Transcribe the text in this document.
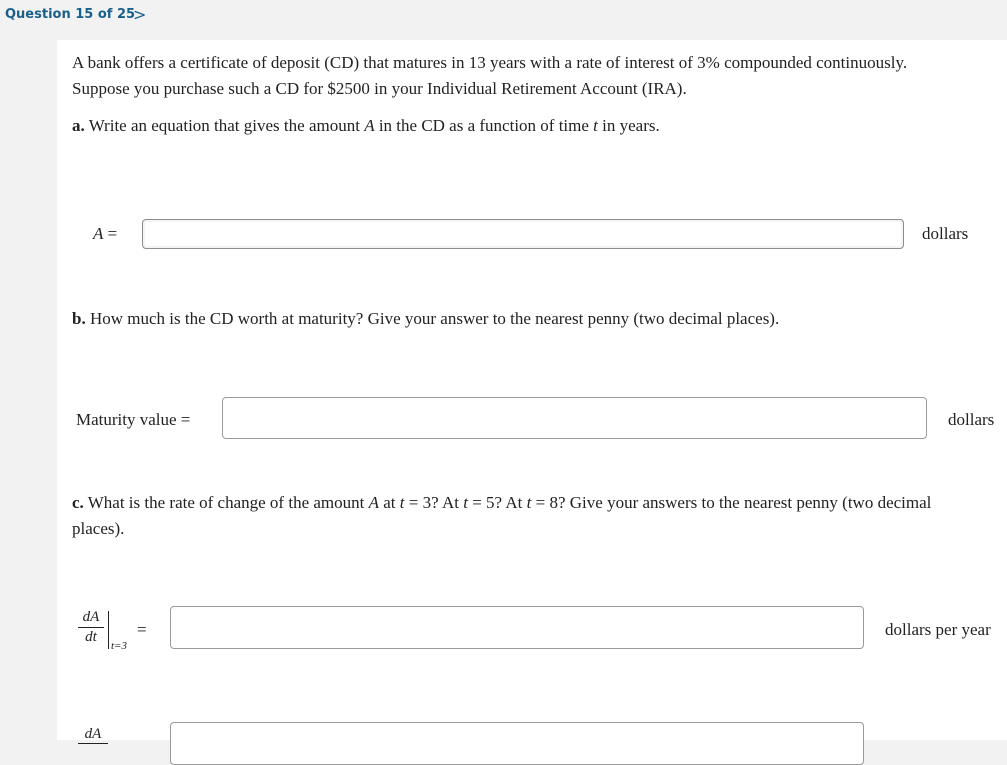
Question 15 of 25
>
A bank offers a certificate of deposit (CD) that matures in 13 years with a rate of interest of 3% compounded continuously.
Suppose you purchase such a CD for $2500 in your Individual Retirement Account (IRA).
a. Write an equation that gives the amount A in the CD as a function of time t in years.
A =	dollars
b. How much is the CD worth at maturity? Give your answer to the nearest penny (two decimal places).
Maturity value =	dollars
c. What is the rate of change of the amount A at t = 3? At t = 5? At t = 8? Give your answers to the nearest penny (two decimal
places).
$\frac{dA}{dt} t=3$
=	dollars per year
dA
